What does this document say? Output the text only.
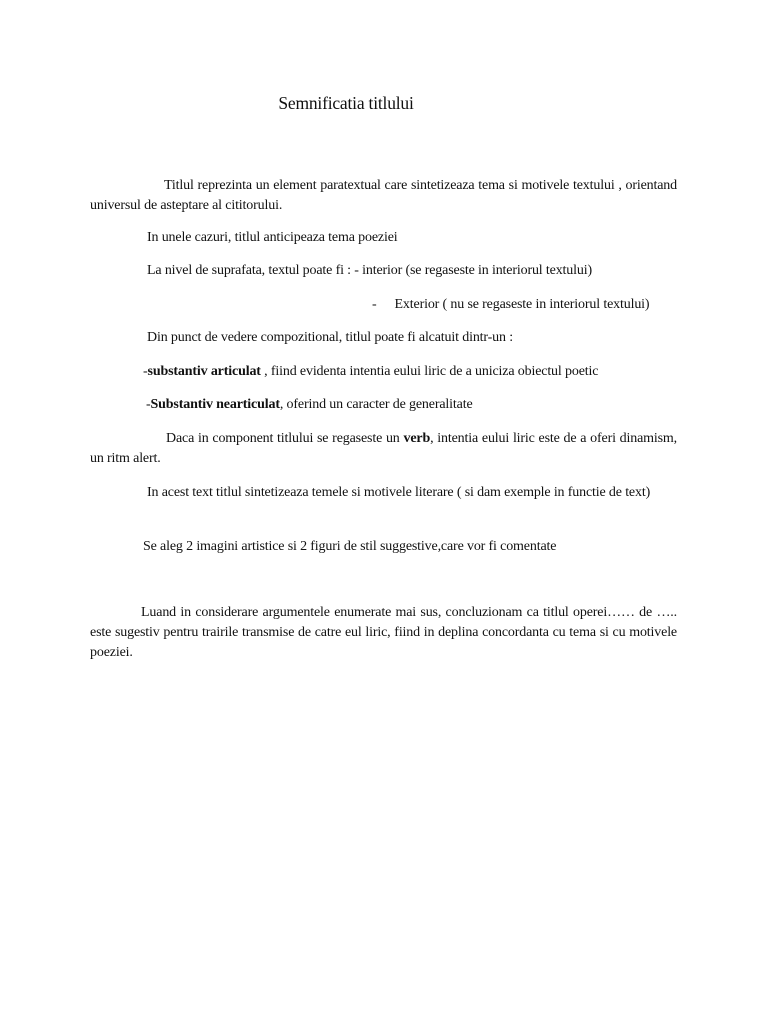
Semnificatia titlului
Titlul reprezinta un element paratextual care sintetizeaza tema si motivele textului , orientand universul de asteptare al cititorului.
In unele cazuri, titlul anticipeaza tema poeziei
La nivel de suprafata, textul poate fi : - interior (se regaseste in interiorul textului)
- Exterior ( nu se regaseste in interiorul textului)
Din punct de vedere compozitional, titlul poate fi alcatuit dintr-un :
-substantiv articulat , fiind evidenta intentia eului liric de a uniciza obiectul poetic
-Substantiv nearticulat, oferind un caracter de generalitate
Daca in component titlului se regaseste un verb, intentia eului liric este de a oferi dinamism, un ritm alert.
In acest text titlul sintetizeaza temele si motivele literare ( si dam exemple in functie de text)
Se aleg 2 imagini artistice si 2 figuri de stil suggestive,care vor fi comentate
Luand in considerare argumentele enumerate mai sus, concluzionam ca titlul operei…… de ….. este sugestiv pentru trairile transmise de catre eul liric, fiind in deplina concordanta cu tema si cu motivele poeziei.
